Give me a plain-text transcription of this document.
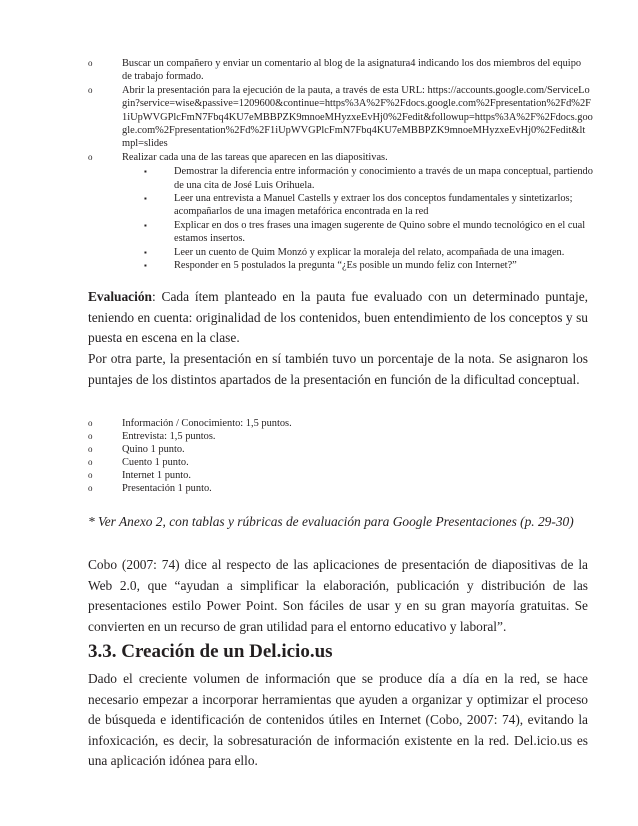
o	Buscar un compañero y enviar un comentario al blog de la asignatura4 indicando los dos miembros del equipo de trabajo formado.
o	Abrir la presentación para la ejecución de la pauta, a través de esta URL: https://accounts.google.com/ServiceLogin?service=wise&passive=1209600&continue=https%3A%2F%2Fdocs.google.com%2Fpresentation%2Fd%2F1iUpWVGPlcFmN7Fbq4KU7eMBBPZK9mnoeMHyzxeEvHj0%2Fedit&followup=https%3A%2F%2Fdocs.google.com%2Fpresentation%2Fd%2F1iUpWVGPlcFmN7Fbq4KU7eMBBPZK9mnoeMHyzxeEvHj0%2Fedit&ltmpl=slides
o	Realizar cada una de las tareas que aparecen en las diapositivas.
▪	Demostrar la diferencia entre información y conocimiento a través de un mapa conceptual, partiendo de una cita de José Luis Orihuela.
▪	Leer una entrevista a Manuel Castells y extraer los dos conceptos fundamentales y sintetizarlos; acompañarlos de una imagen metafórica encontrada en la red
▪	Explicar en dos o tres frases una imagen sugerente de Quino sobre el mundo tecnológico en el cual estamos insertos.
▪	Leer un cuento de Quim Monzó y explicar la moraleja del relato, acompañada de una imagen.
▪	Responder en 5 postulados la pregunta “¿Es posible un mundo feliz con Internet?”
Evaluación: Cada ítem planteado en la pauta fue evaluado con un determinado puntaje, teniendo en cuenta: originalidad de los contenidos, buen entendimiento de los conceptos y su puesta en escena en la clase.
Por otra parte, la presentación en sí también tuvo un porcentaje de la nota. Se asignaron los puntajes de los distintos apartados de la presentación en función de la dificultad conceptual.
o	Información / Conocimiento: 1,5 puntos.
o	Entrevista: 1,5 puntos.
o	Quino 1 punto.
o	Cuento 1 punto.
o	Internet 1 punto.
o	Presentación 1 punto.
* Ver Anexo 2, con tablas y rúbricas de evaluación para Google Presentaciones (p. 29-30)
Cobo (2007: 74) dice al respecto de las aplicaciones de presentación de diapositivas de la Web 2.0, que “ayudan a simplificar la elaboración, publicación y distribución de las presentaciones estilo Power Point. Son fáciles de usar y en su gran mayoría gratuitas. Se convierten en un recurso de gran utilidad para el entorno educativo y laboral”.
3.3. Creación de un Del.icio.us
Dado el creciente volumen de información que se produce día a día en la red, se hace necesario empezar a incorporar herramientas que ayuden a organizar y optimizar el proceso de búsqueda e identificación de contenidos útiles en Internet (Cobo, 2007: 74), evitando la infoxicación, es decir, la sobresaturación de información existente en la red. Del.icio.us es una aplicación idónea para ello.
